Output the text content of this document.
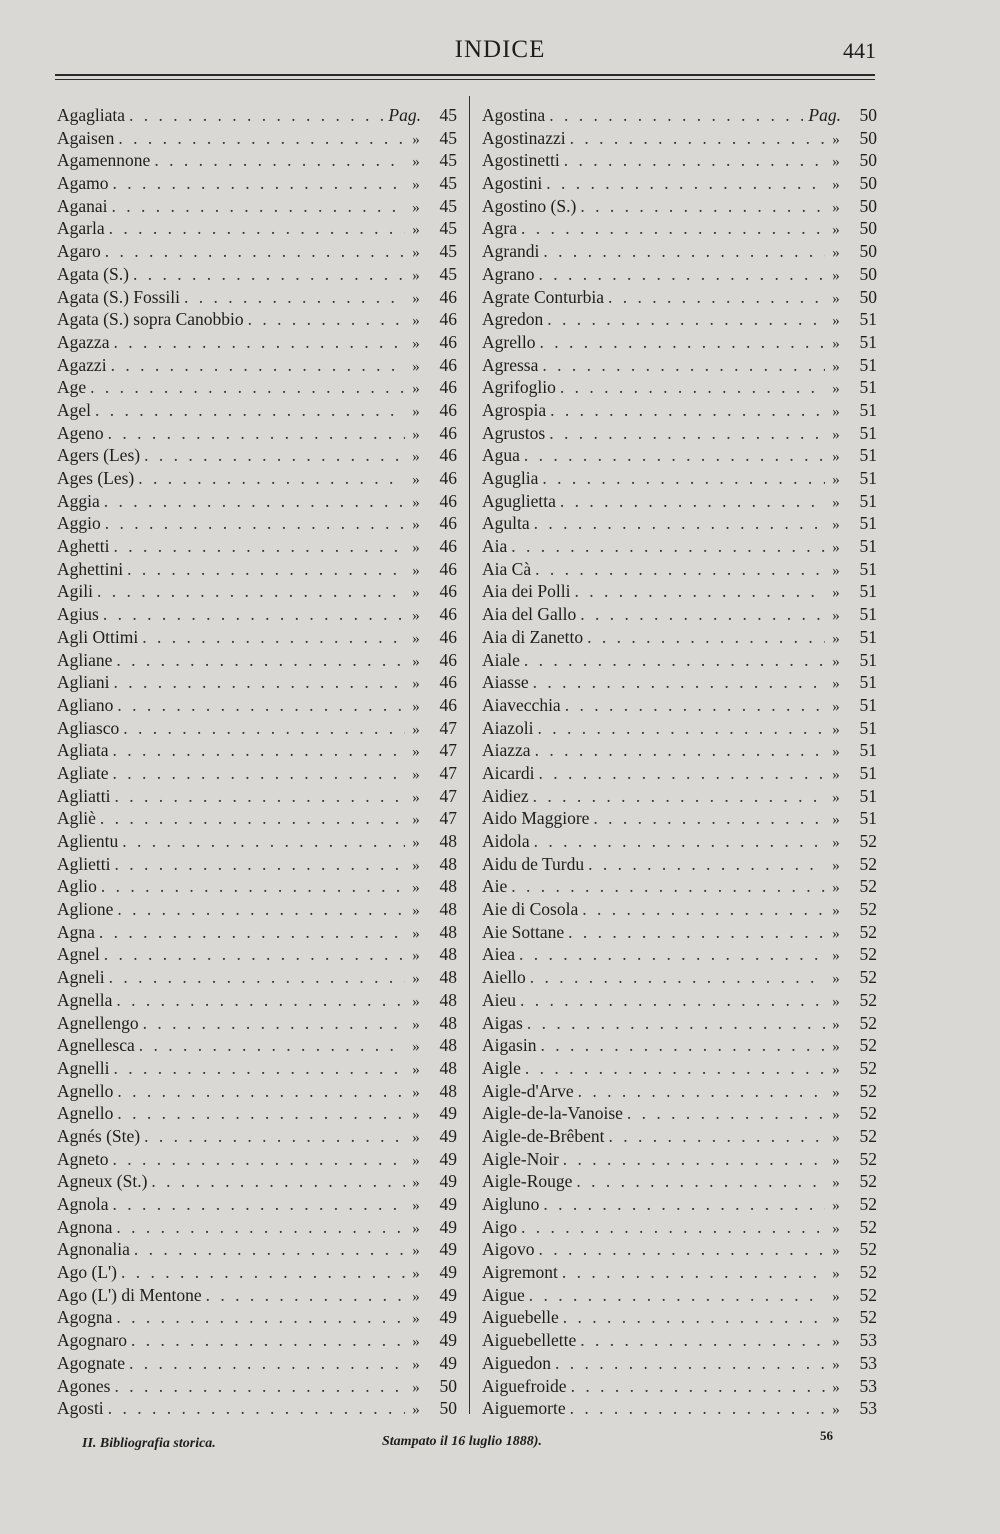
INDICE	441
Agagliata . . .	Pag.	45
Agaisen . . .	»	45
Agamennone . . .	»	45
Agamo . . .	»	45
Aganai . . .	»	45
Agarla . . .	»	45
Agaro . . .	»	45
Agata (S.) . . .	»	45
Agata (S.) Fossili . . .	»	46
Agata (S.) sopra Canobbio . . .	»	46
Agazza . . .	»	46
Agazzi . . .	»	46
Age . . .	»	46
Agel . . .	»	46
Ageno . . .	»	46
Agers (Les) . . .	»	46
Ages (Les) . . .	»	46
Aggia . . .	»	46
Aggio . . .	»	46
Aghetti . . .	»	46
Aghettini . . .	»	46
Agili . . .	»	46
Agius . . .	»	46
Agli Ottimi . . .	»	46
Agliane . . .	»	46
Agliani . . .	»	46
Agliano . . .	»	46
Agliasco . . .	»	47
Agliata . . .	»	47
Agliate . . .	»	47
Agliatti . . .	»	47
Agliè . . .	»	47
Aglientu . . .	»	48
Aglietti . . .	»	48
Aglio . . .	»	48
Aglione . . .	»	48
Agna . . .	»	48
Agnel . . .	»	48
Agneli . . .	»	48
Agnella . . .	»	48
Agnellengo . . .	»	48
Agnellesca . . .	»	48
Agnelli . . .	»	48
Agnello . . .	»	48
Agnello . . .	»	49
Agnés (Ste) . . .	»	49
Agneto . . .	»	49
Agneux (St.) . . .	»	49
Agnola . . .	»	49
Agnona . . .	»	49
Agnonalia . . .	»	49
Ago (L') . . .	»	49
Ago (L') di Mentone . . .	»	49
Agogna . . .	»	49
Agognaro . . .	»	49
Agognate . . .	»	49
Agones . . .	»	50
Agosti . . .	»	50
Agostina . . .	Pag.	50
Agostinazzi . . .	»	50
Agostinetti . . .	»	50
Agostini . . .	»	50
Agostino (S.) . . .	»	50
Agra . . .	»	50
Agrandi . . .	»	50
Agrano . . .	»	50
Agrate Conturbia . . .	»	50
Agredon . . .	»	51
Agrello . . .	»	51
Agressa . . .	»	51
Agrifoglio . . .	»	51
Agrospia . . .	»	51
Agrustos . . .	»	51
Agua . . .	»	51
Aguglia . . .	»	51
Aguglietta . . .	»	51
Agulta . . .	»	51
Aia . . .	»	51
Aia Cà . . .	»	51
Aia dei Polli . . .	»	51
Aia del Gallo . . .	»	51
Aia di Zanetto . . .	»	51
Aiale . . .	»	51
Aiasse . . .	»	51
Aiavecchia . . .	»	51
Aiazoli . . .	»	51
Aiazza . . .	»	51
Aicardi . . .	»	51
Aidiez . . .	»	51
Aido Maggiore . . .	»	51
Aidola . . .	»	52
Aidu de Turdu . . .	»	52
Aie . . .	»	52
Aie di Cosola . . .	»	52
Aie Sottane . . .	»	52
Aiea . . .	»	52
Aiello . . .	»	52
Aieu . . .	»	52
Aigas . . .	»	52
Aigasin . . .	»	52
Aigle . . .	»	52
Aigle-d'Arve . . .	»	52
Aigle-de-la-Vanoise . . .	»	52
Aigle-de-Brêbent . . .	»	52
Aigle-Noir . . .	»	52
Aigle-Rouge . . .	»	52
Aigluno . . .	»	52
Aigo . . .	»	52
Aigovo . . .	»	52
Aigremont . . .	»	52
Aigue . . .	»	52
Aiguebelle . . .	»	52
Aiguebellette . . .	»	53
Aiguedon . . .	»	53
Aiguefroide . . .	»	53
Aiguemorte . . .	»	53
II. Bibliografia storica.	Stampato il 16 luglio 1888).	56
